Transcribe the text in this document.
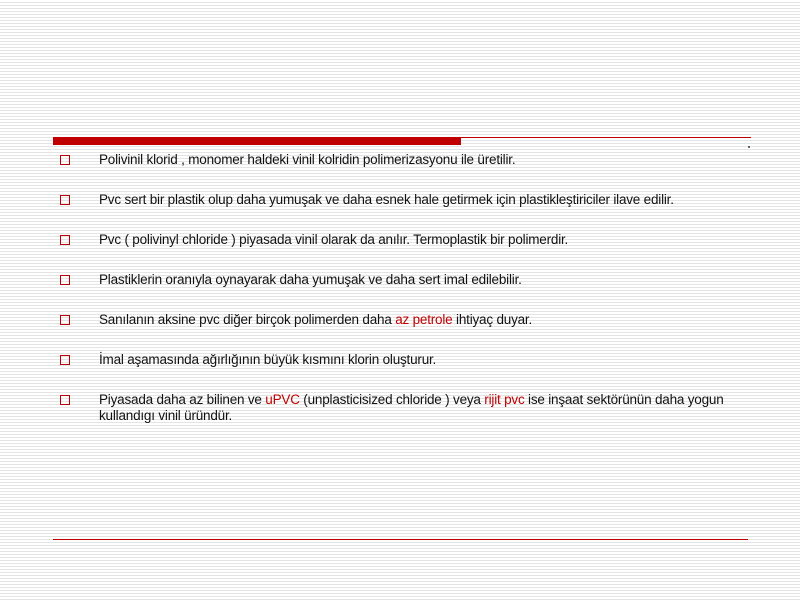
Polivinil klorid , monomer haldeki vinil kolridin polimerizasyonu ile üretilir.
Pvc sert bir plastik olup daha yumuşak ve daha esnek hale getirmek için plastikleştiriciler ilave edilir.
Pvc ( polivinyl chloride ) piyasada vinil olarak da anılır. Termoplastik bir polimerdir.
Plastiklerin oranıyla oynayarak daha yumuşak ve daha sert imal edilebilir.
Sanılanın aksine pvc diğer birçok polimerden daha az petrole ihtiyaç duyar.
İmal aşamasında ağırlığının büyük kısmını klorin oluşturur.
Piyasada daha az bilinen ve uPVC (unplasticisized chloride ) veya rijit pvc ise inşaat sektörünün daha yogun kullandıgı vinil üründür.
